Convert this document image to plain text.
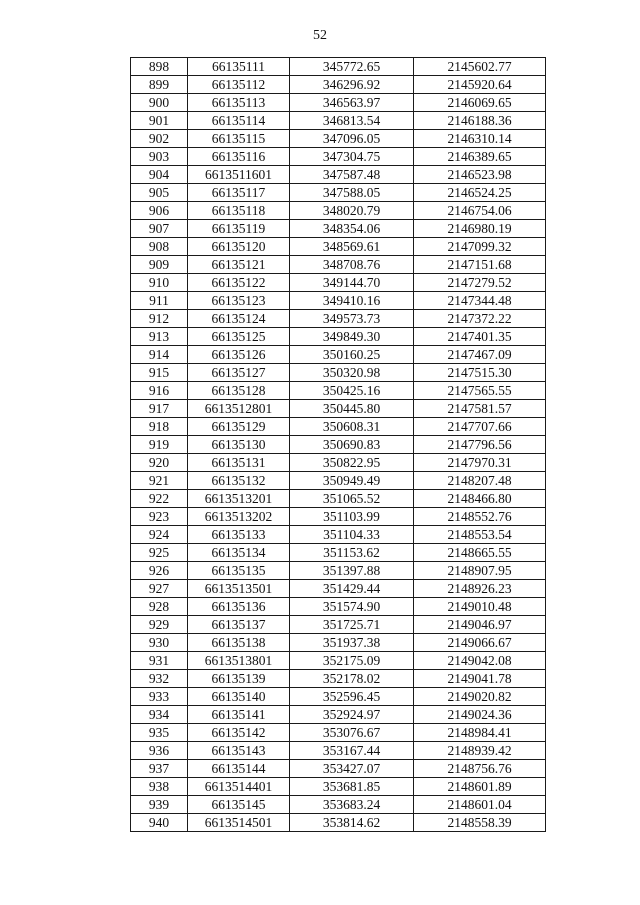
52
898	66135111	345772.65	2145602.77
899	66135112	346296.92	2145920.64
900	66135113	346563.97	2146069.65
901	66135114	346813.54	2146188.36
902	66135115	347096.05	2146310.14
903	66135116	347304.75	2146389.65
904	6613511601	347587.48	2146523.98
905	66135117	347588.05	2146524.25
906	66135118	348020.79	2146754.06
907	66135119	348354.06	2146980.19
908	66135120	348569.61	2147099.32
909	66135121	348708.76	2147151.68
910	66135122	349144.70	2147279.52
911	66135123	349410.16	2147344.48
912	66135124	349573.73	2147372.22
913	66135125	349849.30	2147401.35
914	66135126	350160.25	2147467.09
915	66135127	350320.98	2147515.30
916	66135128	350425.16	2147565.55
917	6613512801	350445.80	2147581.57
918	66135129	350608.31	2147707.66
919	66135130	350690.83	2147796.56
920	66135131	350822.95	2147970.31
921	66135132	350949.49	2148207.48
922	6613513201	351065.52	2148466.80
923	6613513202	351103.99	2148552.76
924	66135133	351104.33	2148553.54
925	66135134	351153.62	2148665.55
926	66135135	351397.88	2148907.95
927	6613513501	351429.44	2148926.23
928	66135136	351574.90	2149010.48
929	66135137	351725.71	2149046.97
930	66135138	351937.38	2149066.67
931	6613513801	352175.09	2149042.08
932	66135139	352178.02	2149041.78
933	66135140	352596.45	2149020.82
934	66135141	352924.97	2149024.36
935	66135142	353076.67	2148984.41
936	66135143	353167.44	2148939.42
937	66135144	353427.07	2148756.76
938	6613514401	353681.85	2148601.89
939	66135145	353683.24	2148601.04
940	6613514501	353814.62	2148558.39
